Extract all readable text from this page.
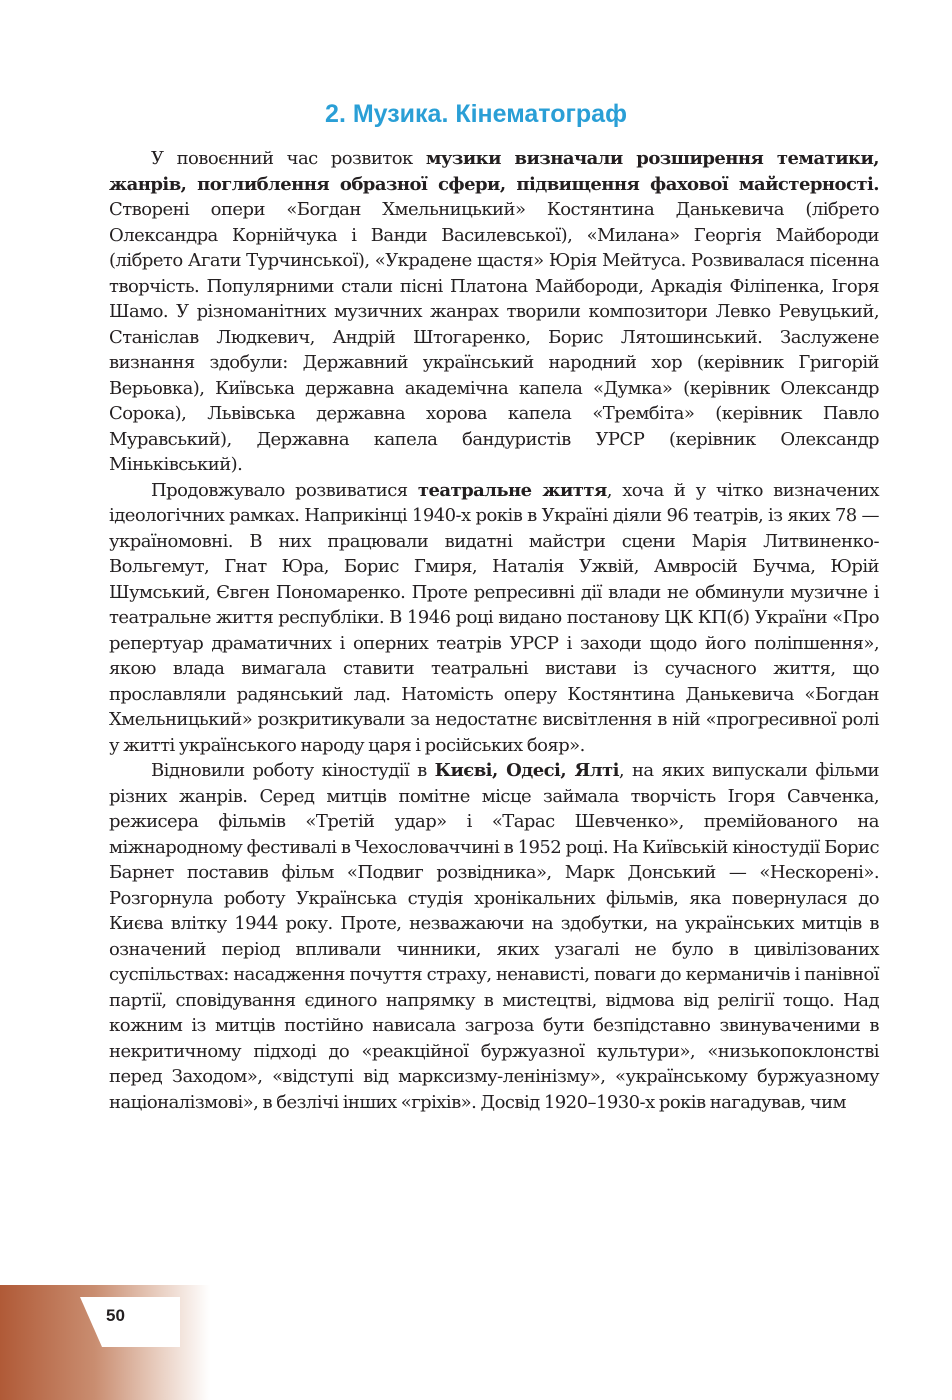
2. Музика. Кінематограф

У повоєнний час розвиток музики визначали розширення тематики, жанрів, поглиблення образної сфери, підвищення фахової майстерності. Створені опери «Богдан Хмельницький» Костянтина Данькевича (лібрето Олександра Корнійчука і Ванди Василевської), «Милана» Георгія Майбороди (лібрето Агати Турчинської), «Украдене щастя» Юрія Мейтуса. Розвивалася пісенна творчість. Популярними стали пісні Платона Майбороди, Аркадія Філіпенка, Ігоря Шамо. У різноманітних музичних жанрах творили композитори Левко Ревуцький, Станіслав Людкевич, Андрій Штогаренко, Борис Лятошинський. Заслужене визнання здобули: Державний український народний хор (керівник Григорій Верьовка), Київська державна академічна капела «Думка» (керівник Олександр Сорока), Львівська державна хорова капела «Трембіта» (керівник Павло Муравський), Державна капела бандуристів УРСР (керівник Олександр Міньківський).

Продовжувало розвиватися театральне життя, хоча й у чітко визначених ідеологічних рамках. Наприкінці 1940-х років в Україні діяли 96 театрів, із яких 78 — україномовні. В них працювали видатні майстри сцени Марія Литвиненко-Вольгемут, Гнат Юра, Борис Гмиря, Наталія Ужвій, Амвросій Бучма, Юрій Шумський, Євген Пономаренко. Проте репресивні дії влади не обминули музичне і театральне життя республіки. В 1946 році видано постанову ЦК КП(б) України «Про репертуар драматичних і оперних театрів УРСР і заходи щодо його поліпшення», якою влада вимагала ставити театральні вистави із сучасного життя, що прославляли радянський лад. Натомість оперу Костянтина Данькевича «Богдан Хмельницький» розкритикували за недостатнє висвітлення в ній «прогресивної ролі у житті українського народу царя і російських бояр».

Відновили роботу кіностудії в Києві, Одесі, Ялті, на яких випускали фільми різних жанрів. Серед митців помітне місце займала творчість Ігоря Савченка, режисера фільмів «Третій удар» і «Тарас Шевченко», премійованого на міжнародному фестивалі в Чехословаччині в 1952 році. На Київській кіностудії Борис Барнет поставив фільм «Подвиг розвідника», Марк Донський — «Нескорені». Розгорнула роботу Українська студія хронікальних фільмів, яка повернулася до Києва влітку 1944 року. Проте, незважаючи на здобутки, на українських митців в означений період впливали чинники, яких узагалі не було в цивілізованих суспільствах: насадження почуття страху, ненависті, поваги до керманичів і панівної партії, сповідування єдиного напрямку в мистецтві, відмова від релігії тощо. Над кожним із митців постійно нависала загроза бути безпідставно звинуваченими в некритичному підході до «реакційної буржуазної культури», «низькопоклонстві перед Заходом», «відступі від марксизму-ленінізму», «українському буржуазному націоналізмові», в безлічі інших «гріхів». Досвід 1920–1930-х років нагадував, чим

50
